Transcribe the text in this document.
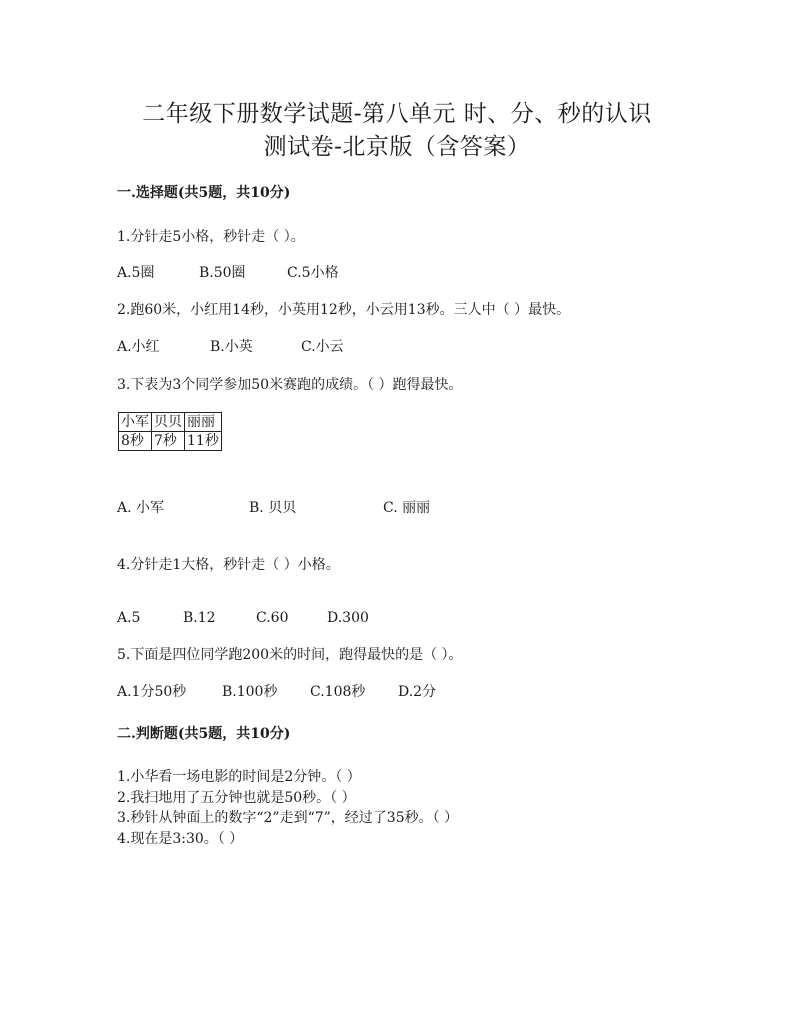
二年级下册数学试题-第八单元 时、分、秒的认识
测试卷-北京版（含答案）
一.选择题(共5题，共10分)
1.分针走5小格，秒针走（ ）。
A.5圈	B.50圈	C.5小格
2.跑60米，小红用14秒，小英用12秒，小云用13秒。三人中（ ）最快。
A.小红	B.小英	C.小云
3.下表为3个同学参加50米赛跑的成绩。（ ）跑得最快。
小军	贝贝	丽丽
8秒	7秒	11秒
A. 小军	B. 贝贝	C. 丽丽
4.分针走1大格，秒针走（ ）小格。
A.5	B.12	C.60	D.300
5.下面是四位同学跑200米的时间，跑得最快的是（ ）。
A.1分50秒	B.100秒 C.108秒 D.2分
二.判断题(共5题，共10分)
1.小华看一场电影的时间是2分钟。（ ）
2.我扫地用了五分钟也就是50秒。（ ）
3.秒针从钟面上的数字“2”走到“7”，经过了35秒。（ ）
4.现在是3:30。（ ）
